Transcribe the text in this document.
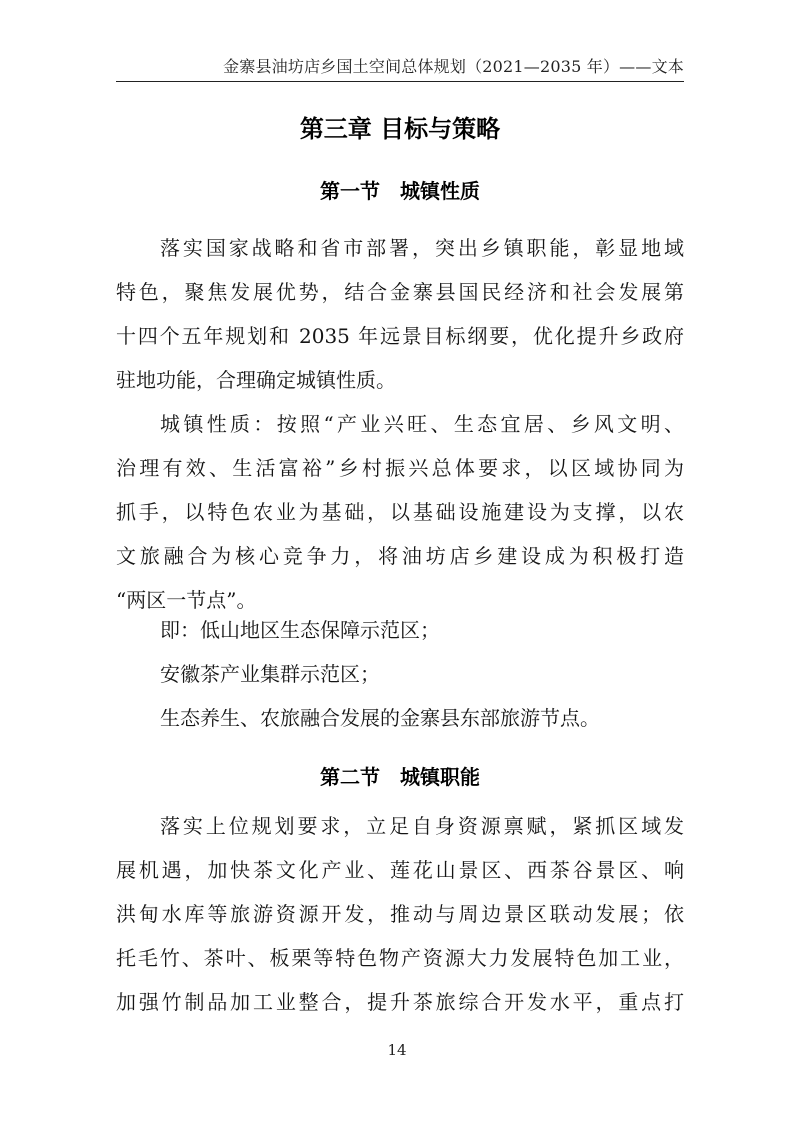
金寨县油坊店乡国土空间总体规划（2021—2035 年）——文本
第三章 目标与策略
第一节　城镇性质
落实国家战略和省市部署，突出乡镇职能，彰显地域
特色，聚焦发展优势，结合金寨县国民经济和社会发展第
十四个五年规划和 2035 年远景目标纲要，优化提升乡政府
驻地功能，合理确定城镇性质。
城镇性质：按照“产业兴旺、生态宜居、乡风文明、
治理有效、生活富裕”乡村振兴总体要求，以区域协同为
抓手，以特色农业为基础，以基础设施建设为支撑，以农
文旅融合为核心竞争力，将油坊店乡建设成为积极打造
“两区一节点”。
即：低山地区生态保障示范区；
安徽茶产业集群示范区；
生态养生、农旅融合发展的金寨县东部旅游节点。
第二节　城镇职能
落实上位规划要求，立足自身资源禀赋，紧抓区域发
展机遇，加快茶文化产业、莲花山景区、西茶谷景区、响
洪甸水库等旅游资源开发，推动与周边景区联动发展；依
托毛竹、茶叶、板栗等特色物产资源大力发展特色加工业，
加强竹制品加工业整合，提升茶旅综合开发水平，重点打
14
